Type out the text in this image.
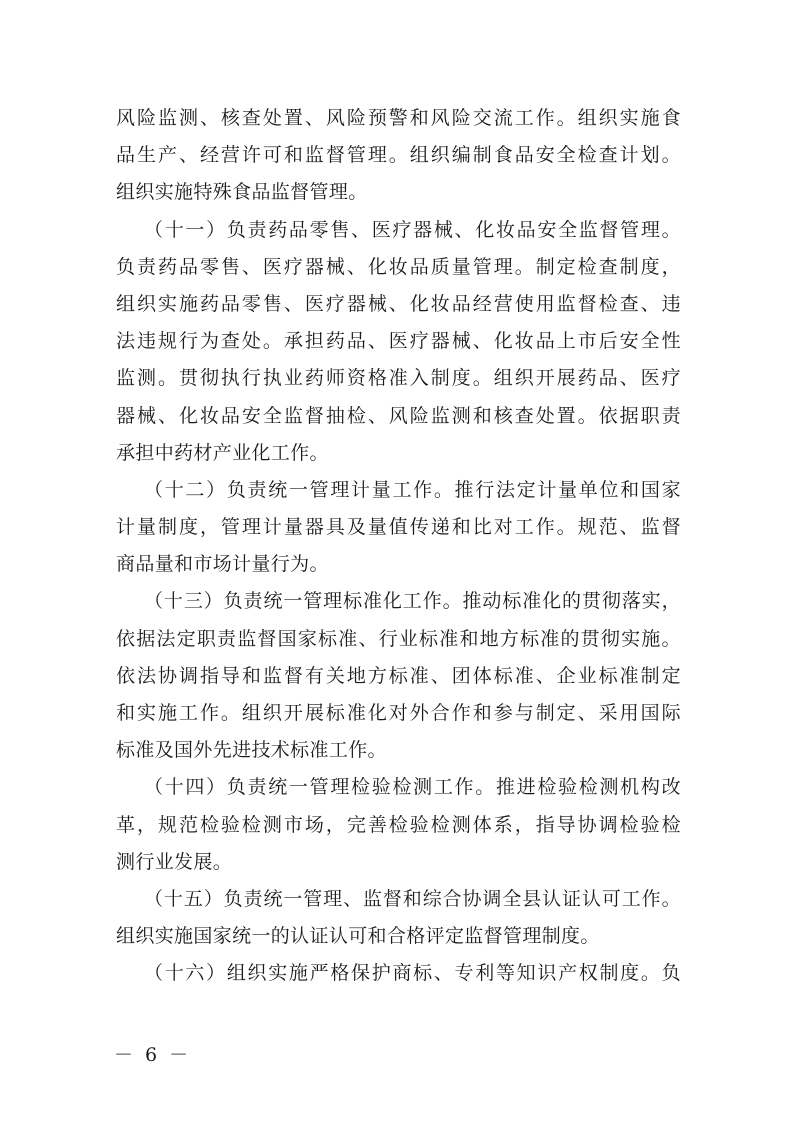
风 险 监 测 、 核 查 处 置 、 风 险 预 警 和 风 险 交 流 工 作 。 组 织 实 施 食
品 生 产 、 经 营 许 可 和 监 督 管 理 。 组 织 编 制 食 品 安 全 检 查 计 划 。
组织实施特殊食品监督管理。
（ 十 一 ） 负 责 药 品 零 售 、 医 疗 器 械 、 化 妆 品 安 全 监 督 管 理 。
负 责 药 品 零 售 、 医 疗 器 械 、 化 妆 品 质 量 管 理 。 制 定 检 查 制 度 ，
组 织 实 施 药 品 零 售 、 医 疗 器 械 、 化 妆 品 经 营 使 用 监 督 检 查 、 违
法 违 规 行 为 查 处 。 承 担 药 品 、 医 疗 器 械 、 化 妆 品 上 市 后 安 全 性
监 测 。 贯 彻 执 行 执 业 药 师 资 格 准 入 制 度 。 组 织 开 展 药 品 、 医 疗
器 械 、 化 妆 品 安 全 监 督 抽 检 、 风 险 监 测 和 核 查 处 置 。 依 据 职 责
承担中药材产业化工作。
（ 十 二 ） 负 责 统 一 管 理 计 量 工 作 。 推 行 法 定 计 量 单 位 和 国 家
计 量 制 度 ， 管 理 计 量 器 具 及 量 值 传 递 和 比 对 工 作 。 规 范 、 监 督
商品量和市场计量行为。
（ 十 三 ） 负 责 统 一 管 理 标 准 化 工 作 。 推 动 标 准 化 的 贯 彻 落 实 ，
依 据 法 定 职 责 监 督 国 家 标 准 、 行 业 标 准 和 地 方 标 准 的 贯 彻 实 施 。
依 法 协 调 指 导 和 监 督 有 关 地 方 标 准 、 团 体 标 准 、 企 业 标 准 制 定
和 实 施 工 作 。 组 织 开 展 标 准 化 对 外 合 作 和 参 与 制 定 、 采 用 国 际
标准及国外先进技术标准工作。
（ 十 四 ） 负 责 统 一 管 理 检 验 检 测 工 作 。 推 进 检 验 检 测 机 构 改
革 ， 规 范 检 验 检 测 市 场 ， 完 善 检 验 检 测 体 系 ， 指 导 协 调 检 验 检
测行业发展。
（ 十 五 ） 负 责 统 一 管 理 、 监 督 和 综 合 协 调 全 县 认 证 认 可 工 作 。
组织实施国家统一的认证认可和合格评定监督管理制度。
（ 十 六 ） 组 织 实 施 严 格 保 护 商 标 、 专 利 等 知 识 产 权 制 度 。 负
－ 6 －
